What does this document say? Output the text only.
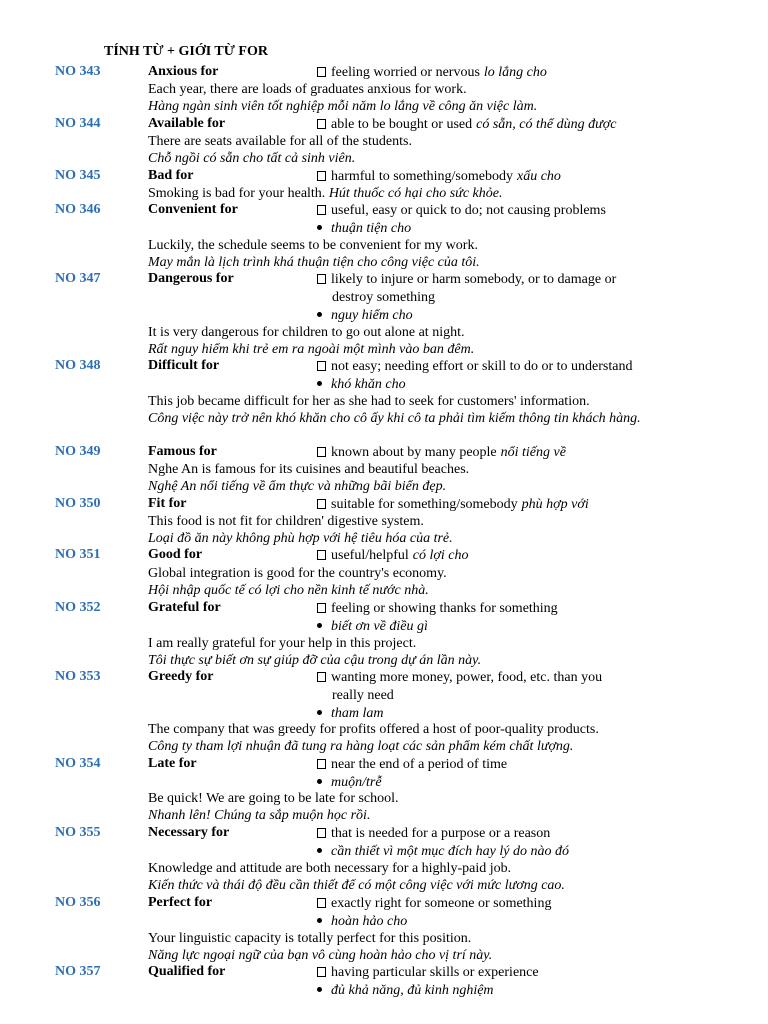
TÍNH TỪ + GIỚI TỪ FOR
NO 343	Anxious for	feeling worried or nervous lo lắng cho
Each year, there are loads of graduates anxious for work.
Hàng ngàn sinh viên tốt nghiệp mỗi năm lo lắng về công ăn việc làm.
NO 344	Available for	able to be bought or used có sẵn, có thể dùng được
There are seats available for all of the students.
Chỗ ngồi có sẵn cho tất cả sinh viên.
NO 345	Bad for	harmful to something/somebody xấu cho
Smoking is bad for your health. Hút thuốc có hại cho sức khỏe.
NO 346	Convenient for	useful, easy or quick to do; not causing problems
thuận tiện cho
Luckily, the schedule seems to be convenient for my work.
May mắn là lịch trình khá thuận tiện cho công việc của tôi.
NO 347	Dangerous for	likely to injure or harm somebody, or to damage or
destroy something
nguy hiểm cho
It is very dangerous for children to go out alone at night.
Rất nguy hiểm khi trẻ em ra ngoài một mình vào ban đêm.
NO 348	Difficult for	not easy; needing effort or skill to do or to understand
khó khăn cho
This job became difficult for her as she had to seek for customers' information.
Công việc này trở nên khó khăn cho cô ấy khi cô ta phải tìm kiếm thông tin khách hàng.
NO 349	Famous for	known about by many people nổi tiếng về
Nghe An is famous for its cuisines and beautiful beaches.
Nghệ An nổi tiếng về ẩm thực và những bãi biển đẹp.
NO 350	Fit for	suitable for something/somebody phù hợp với
This food is not fit for children' digestive system.
Loại đồ ăn này không phù hợp với hệ tiêu hóa của trẻ.
NO 351	Good for	useful/helpful có lợi cho
Global integration is good for the country's economy.
Hội nhập quốc tế có lợi cho nền kinh tế nước nhà.
NO 352	Grateful for	feeling or showing thanks for something
biết ơn về điều gì
I am really grateful for your help in this project.
Tôi thực sự biết ơn sự giúp đỡ của cậu trong dự án lần này.
NO 353	Greedy for	wanting more money, power, food, etc. than you
really need
tham lam
The company that was greedy for profits offered a host of poor-quality products.
Công ty tham lợi nhuận đã tung ra hàng loạt các sản phẩm kém chất lượng.
NO 354	Late for	near the end of a period of time
muộn/trễ
Be quick! We are going to be late for school.
Nhanh lên! Chúng ta sắp muộn học rồi.
NO 355	Necessary for	that is needed for a purpose or a reason
cần thiết vì một mục đích hay lý do nào đó
Knowledge and attitude are both necessary for a highly-paid job.
Kiến thức và thái độ đều cần thiết để có một công việc với mức lương cao.
NO 356	Perfect for	exactly right for someone or something
hoàn hảo cho
Your linguistic capacity is totally perfect for this position.
Năng lực ngoại ngữ của bạn vô cùng hoàn hảo cho vị trí này.
NO 357	Qualified for	having particular skills or experience
đủ khả năng, đủ kinh nghiệm
